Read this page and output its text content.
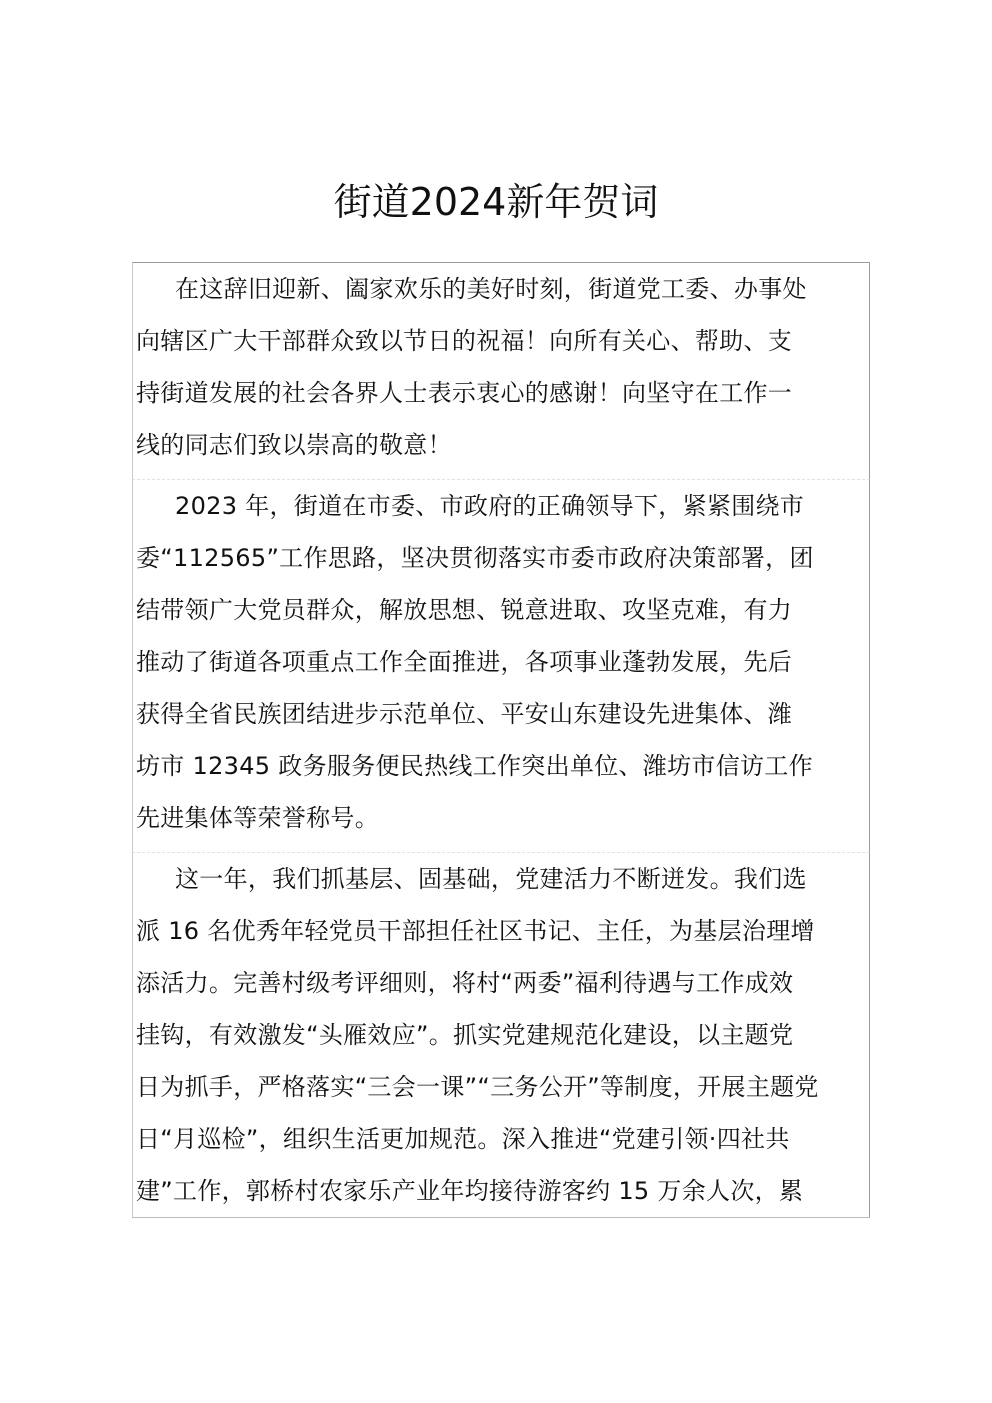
街道2024新年贺词
在这辞旧迎新、阖家欢乐的美好时刻，街道党工委、办事处
向辖区广大干部群众致以节日的祝福！向所有关心、帮助、支
持街道发展的社会各界人士表示衷心的感谢！向坚守在工作一
线的同志们致以崇高的敬意！
2023 年，街道在市委、市政府的正确领导下，紧紧围绕市
委“112565”工作思路，坚决贯彻落实市委市政府决策部署，团
结带领广大党员群众，解放思想、锐意进取、攻坚克难，有力
推动了街道各项重点工作全面推进，各项事业蓬勃发展，先后
获得全省民族团结进步示范单位、平安山东建设先进集体、潍
坊市 12345 政务服务便民热线工作突出单位、潍坊市信访工作
先进集体等荣誉称号。
这一年，我们抓基层、固基础，党建活力不断迸发。我们选
派 16 名优秀年轻党员干部担任社区书记、主任，为基层治理增
添活力。完善村级考评细则，将村“两委”福利待遇与工作成效
挂钩，有效激发“头雁效应”。抓实党建规范化建设，以主题党
日为抓手，严格落实“三会一课”“三务公开”等制度，开展主题党
日“月巡检”，组织生活更加规范。深入推进“党建引领·四社共
建”工作，郭桥村农家乐产业年均接待游客约 15 万余人次，累
